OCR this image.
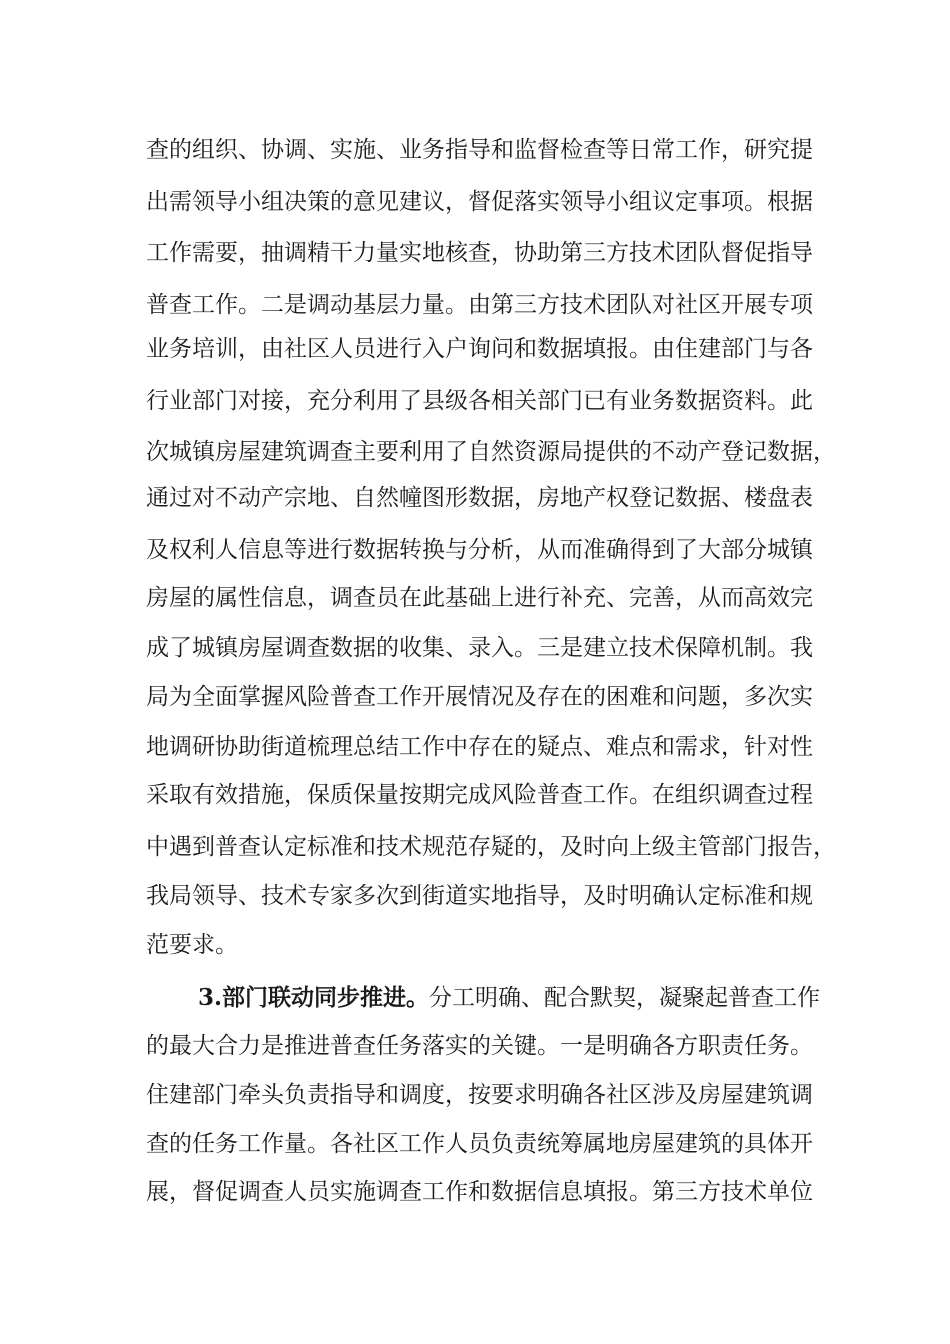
查的组织、协调、实施、业务指导和监督检查等日常工作，研究提
出需领导小组决策的意见建议，督促落实领导小组议定事项。根据
工作需要，抽调精干力量实地核查，协助第三方技术团队督促指导
普查工作。二是调动基层力量。由第三方技术团队对社区开展专项
业务培训，由社区人员进行入户询问和数据填报。由住建部门与各
行业部门对接，充分利用了县级各相关部门已有业务数据资料。此
次城镇房屋建筑调查主要利用了自然资源局提供的不动产登记数据，
通过对不动产宗地、自然幢图形数据，房地产权登记数据、楼盘表
及权利人信息等进行数据转换与分析，从而准确得到了大部分城镇
房屋的属性信息，调查员在此基础上进行补充、完善，从而高效完
成了城镇房屋调查数据的收集、录入。三是建立技术保障机制。我
局为全面掌握风险普查工作开展情况及存在的困难和问题，多次实
地调研协助街道梳理总结工作中存在的疑点、难点和需求，针对性
采取有效措施，保质保量按期完成风险普查工作。在组织调查过程
中遇到普查认定标准和技术规范存疑的，及时向上级主管部门报告，
我局领导、技术专家多次到街道实地指导，及时明确认定标准和规
范要求。
3.部门联动同步推进。分工明确、配合默契，凝聚起普查工作
的最大合力是推进普查任务落实的关键。一是明确各方职责任务。
住建部门牵头负责指导和调度，按要求明确各社区涉及房屋建筑调
查的任务工作量。各社区工作人员负责统筹属地房屋建筑的具体开
展，督促调查人员实施调查工作和数据信息填报。第三方技术单位
